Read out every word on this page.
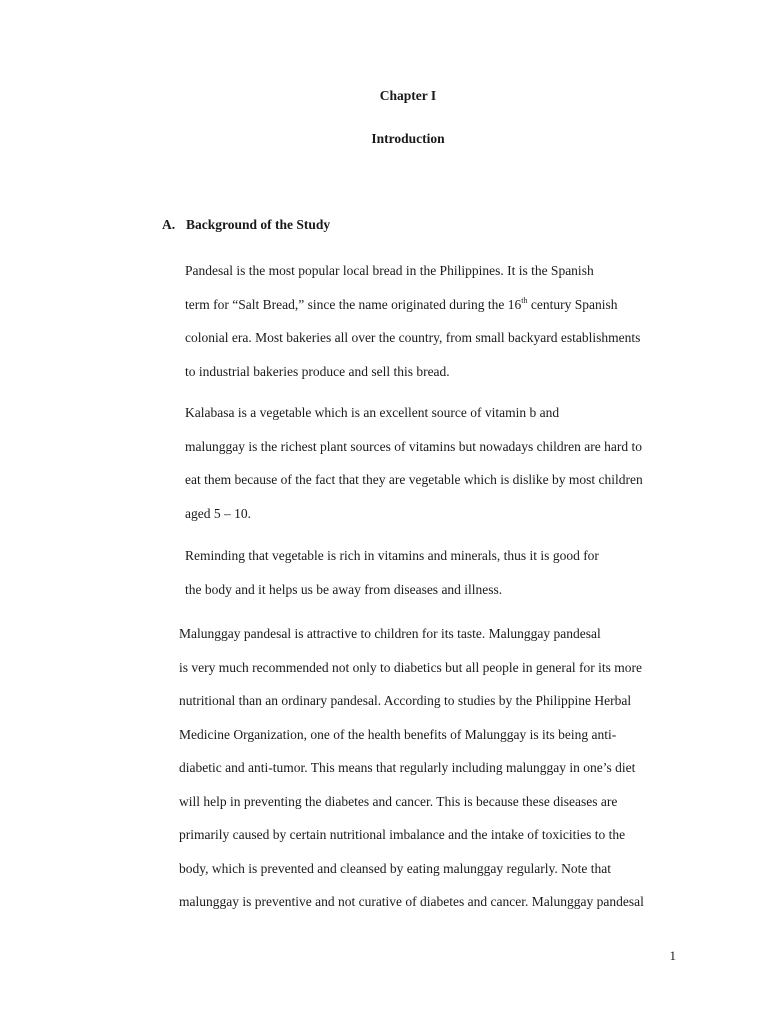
Chapter I
Introduction
A. Background of the Study

Pandesal is the most popular local bread in the Philippines. It is the Spanish
term for “Salt Bread,” since the name originated during the 16th century Spanish
colonial era. Most bakeries all over the country, from small backyard establishments
to industrial bakeries produce and sell this bread.

Kalabasa is a vegetable which is an excellent source of vitamin b and
malunggay is the richest plant sources of vitamins but nowadays children are hard to
eat them because of the fact that they are vegetable which is dislike by most children
aged 5 – 10.

Reminding that vegetable is rich in vitamins and minerals, thus it is good for
the body and it helps us be away from diseases and illness.

Malunggay pandesal is attractive to children for its taste. Malunggay pandesal
is very much recommended not only to diabetics but all people in general for its more
nutritional than an ordinary pandesal. According to studies by the Philippine Herbal
Medicine Organization, one of the health benefits of Malunggay is its being anti-
diabetic and anti-tumor. This means that regularly including malunggay in one’s diet
will help in preventing the diabetes and cancer. This is because these diseases are
primarily caused by certain nutritional imbalance and the intake of toxicities to the
body, which is prevented and cleansed by eating malunggay regularly. Note that
malunggay is preventive and not curative of diabetes and cancer. Malunggay pandesal

1
